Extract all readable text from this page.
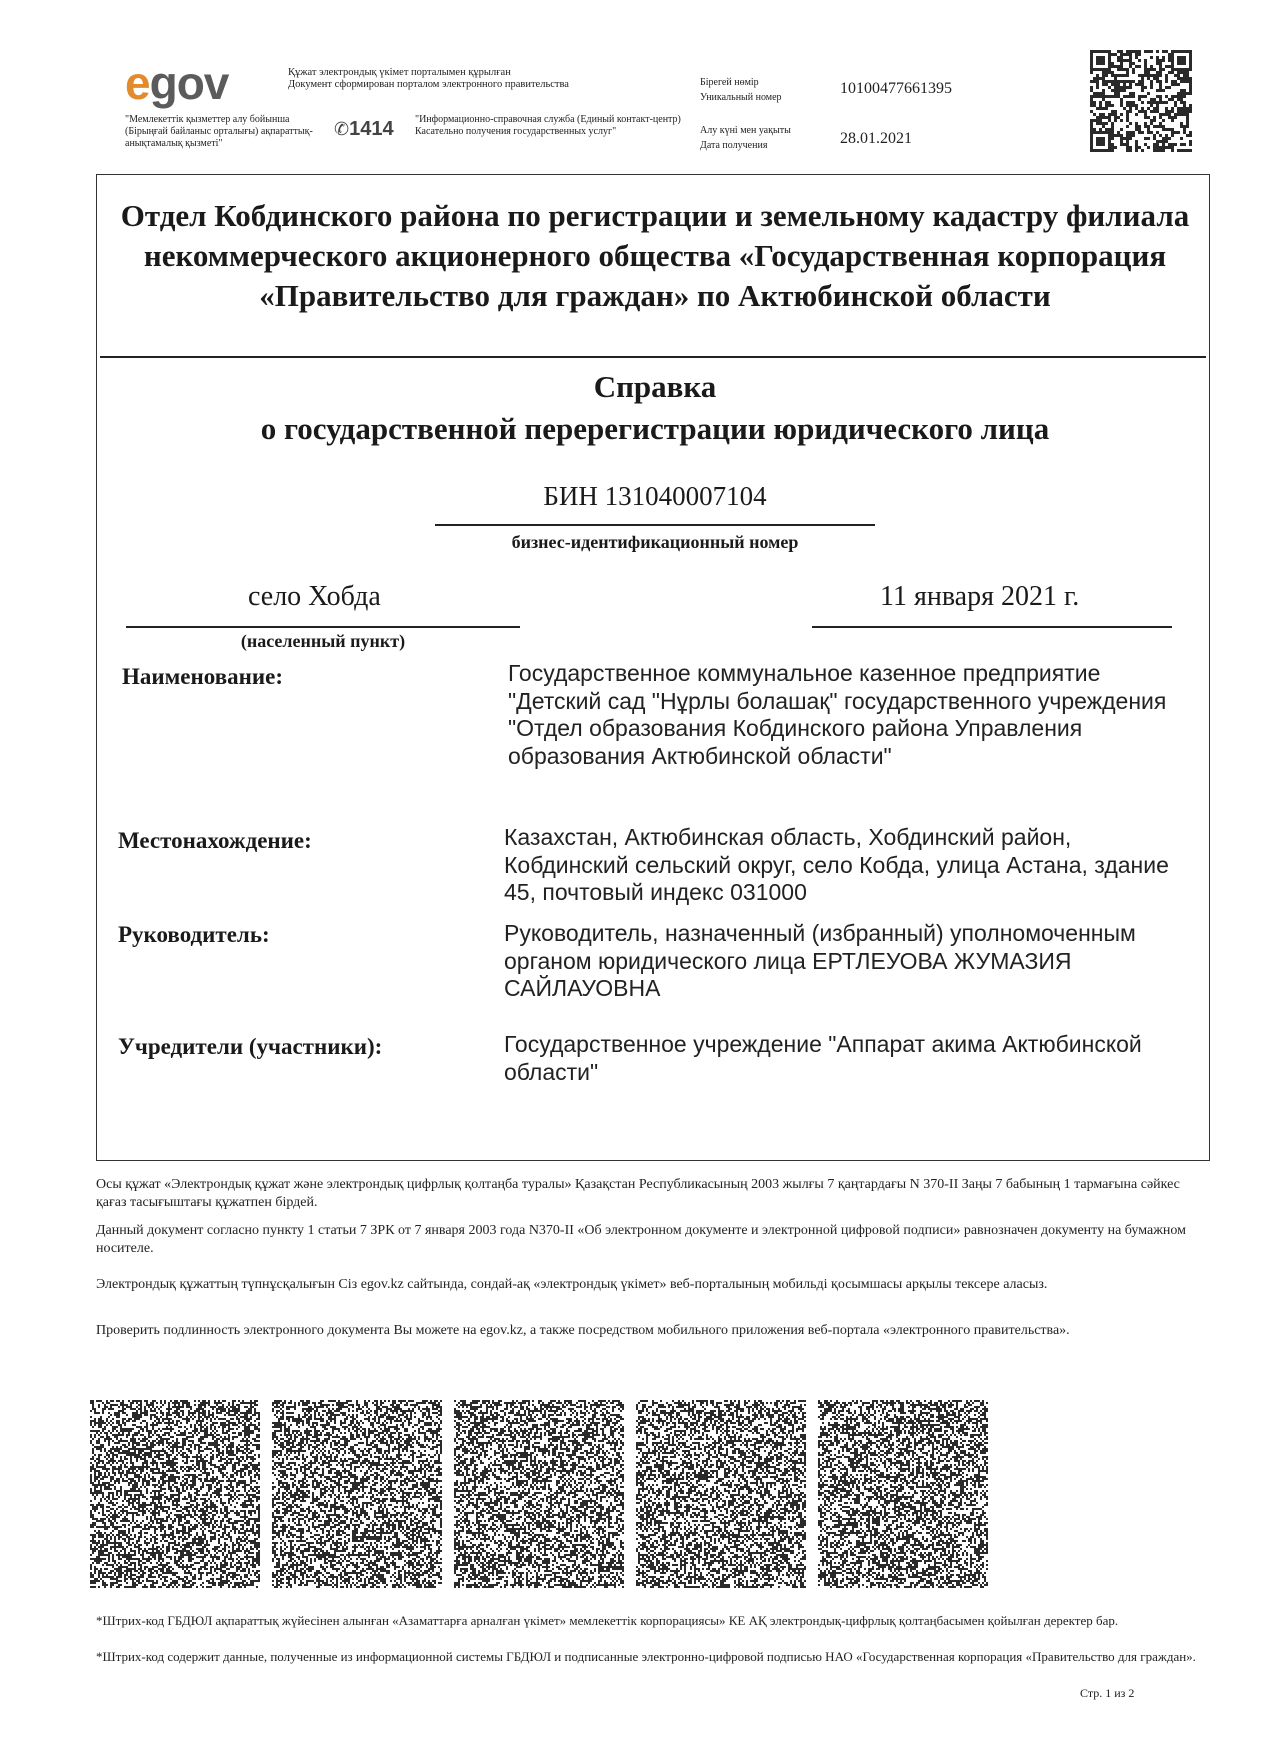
egov	Құжат электрондық үкімет порталымен құрылған
Документ сформирован порталом электронного правительства
"Мемлекеттік қызметтер алу бойынша (Бірыңғай байланыс орталығы) ақпараттық-анықтамалық қызметі"
✆1414 "Информационно-справочная служба (Единый контакт-центр) Касательно получения государственных услуг"
Бірегей нөмір
Уникальный номер
10100477661395
Алу күні мен уақыты
Дата получения	28.01.2021
Отдел Кобдинского района по регистрации и земельному кадастру филиала некоммерческого акционерного общества «Государственная корпорация «Правительство для граждан» по Актюбинской области
Справка
о государственной перерегистрации юридического лица
БИН 131040007104
бизнес-идентификационный номер
село Хобда
(населенный пункт)
11 января 2021 г.
Наименование:	Государственное коммунальное казенное предприятие "Детский сад "Нұрлы болашақ" государственного учреждения "Отдел образования Кобдинского района Управления образования Актюбинской области"
Местонахождение:	Казахстан, Актюбинская область, Хобдинский район, Кобдинский сельский округ, село Кобда, улица Астана, здание 45, почтовый индекс 031000
Руководитель:	Руководитель, назначенный (избранный) уполномоченным органом юридического лица ЕРТЛЕУОВА ЖУМАЗИЯ САЙЛАУОВНА
Учредители (участники):	Государственное учреждение "Аппарат акима Актюбинской области"
Осы құжат «Электрондық құжат және электрондық цифрлық қолтаңба туралы» Қазақстан Республикасының 2003 жылғы 7 қаңтардағы N 370-II Заңы 7 бабының 1 тармағына сәйкес қағаз тасығыштағы құжатпен бірдей.
Данный документ согласно пункту 1 статьи 7 ЗРК от 7 января 2003 года N370-II «Об электронном документе и электронной цифровой подписи» равнозначен документу на бумажном носителе.
Электрондық құжаттың түпнұсқалығын Сіз egov.kz сайтында, сондай-ақ «электрондық үкімет» веб-порталының мобильді қосымшасы арқылы тексере аласыз.
Проверить подлинность электронного документа Вы можете на egov.kz, а также посредством мобильного приложения веб-портала «электронного правительства».
*Штрих-код ГБДЮЛ ақпараттық жүйесінен алынған «Азаматтарға арналған үкімет» мемлекеттік корпорациясы» КЕ АҚ электрондық-цифрлық қолтаңбасымен қойылған деректер бар.
*Штрих-код содержит данные, полученные из информационной системы ГБДЮЛ и подписанные электронно-цифровой подписью НАО «Государственная корпорация «Правительство для граждан».
Стр. 1 из 2
